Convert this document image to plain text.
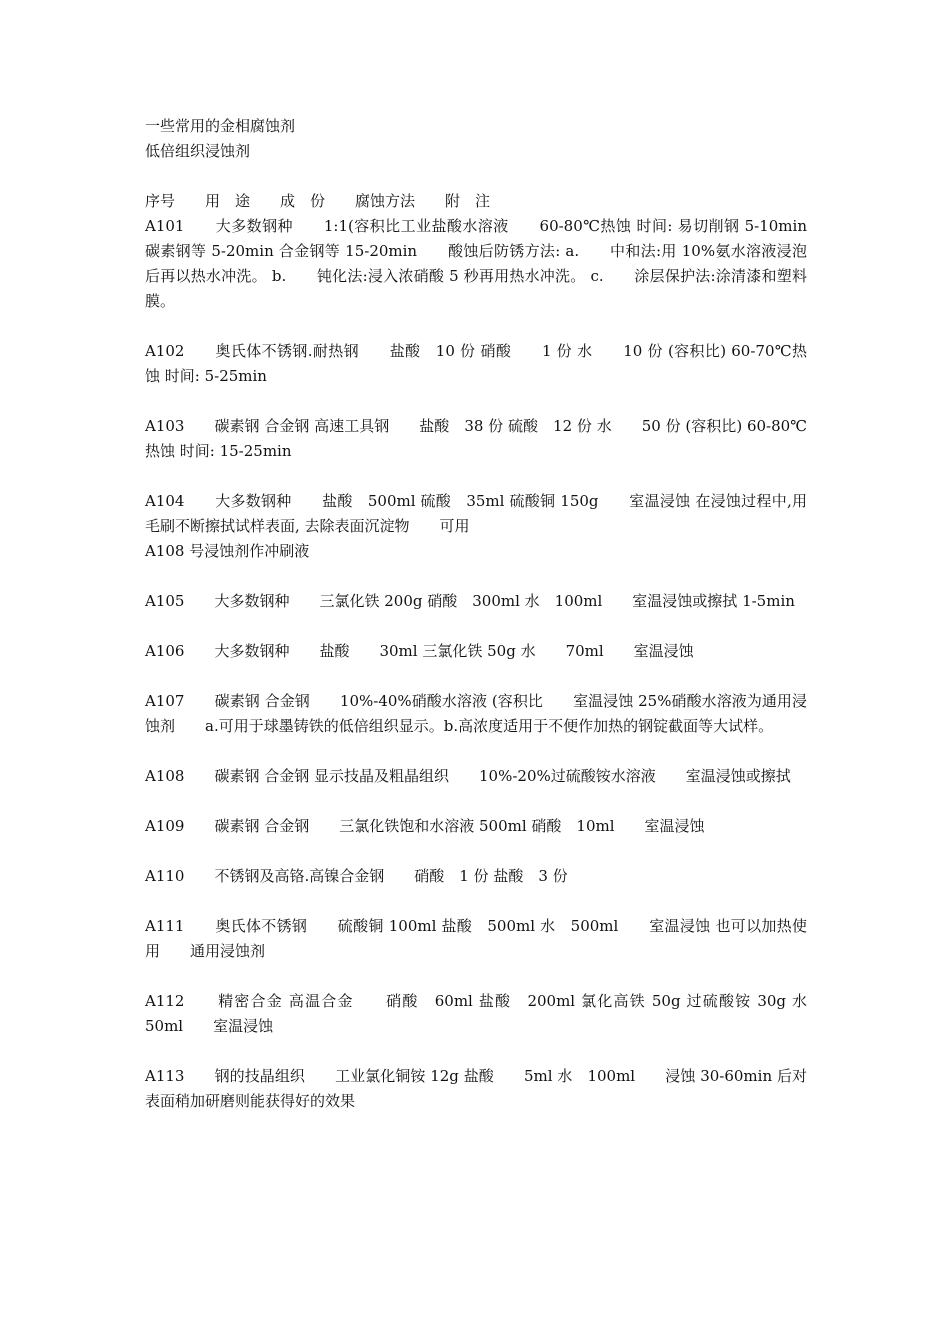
一些常用的金相腐蚀剂
低倍组织浸蚀剂
序号　　用　途　　成　份　　腐蚀方法　　附　注
A101　　大多数钢种　　1:1(容积比工业盐酸水溶液　　60-80℃热蚀 时间: 易切削钢 5-10min 碳素钢等 5-20min 合金钢等 15-20min　　酸蚀后防锈方法: a.　　中和法:用 10%氨水溶液浸泡后再以热水冲洗。 b.　　钝化法:浸入浓硝酸 5 秒再用热水冲洗。 c.　　涂层保护法:涂清漆和塑料膜。
A102　　奥氏体不锈钢.耐热钢　　盐酸　10 份 硝酸　　1 份 水　　10 份 (容积比) 60-70℃热蚀 时间: 5-25min
A103　　碳素钢 合金钢 高速工具钢　　盐酸　38 份 硫酸　12 份 水　　50 份 (容积比) 60-80℃热蚀 时间: 15-25min
A104　　大多数钢种　　盐酸　500ml 硫酸　35ml 硫酸铜 150g　　室温浸蚀 在浸蚀过程中,用 毛刷不断擦拭试样表面, 去除表面沉淀物　　可用
A108 号浸蚀剂作冲刷液
A105　　大多数钢种　　三氯化铁 200g 硝酸　300ml 水　100ml　　室温浸蚀或擦拭 1-5min
A106　　大多数钢种　　盐酸　　30ml 三氯化铁 50g 水　　70ml　　室温浸蚀
A107　　碳素钢 合金钢　　10%-40%硝酸水溶液 (容积比　　室温浸蚀 25%硝酸水溶液为通用浸蚀剂　　a.可用于球墨铸铁的低倍组织显示。b.高浓度适用于不便作加热的钢锭截面等大试样。
A108　　碳素钢 合金钢 显示技晶及粗晶组织　　10%-20%过硫酸铵水溶液　　室温浸蚀或擦拭
A109　　碳素钢 合金钢　　三氯化铁饱和水溶液 500ml 硝酸　10ml　　室温浸蚀
A110　　不锈钢及高铬.高镍合金钢　　硝酸　1 份 盐酸　3 份
A111　　奥氏体不锈钢　　硫酸铜 100ml 盐酸　500ml 水　500ml　　室温浸蚀 也可以加热使用　　通用浸蚀剂
A112　　精密合金 高温合金　　硝酸　60ml 盐酸　200ml 氯化高铁 50g 过硫酸铵 30g 水　　50ml　　室温浸蚀
A113　　钢的技晶组织　　工业氯化铜铵 12g 盐酸　　5ml 水　100ml　　浸蚀 30-60min 后对表面稍加研磨则能获得好的效果
